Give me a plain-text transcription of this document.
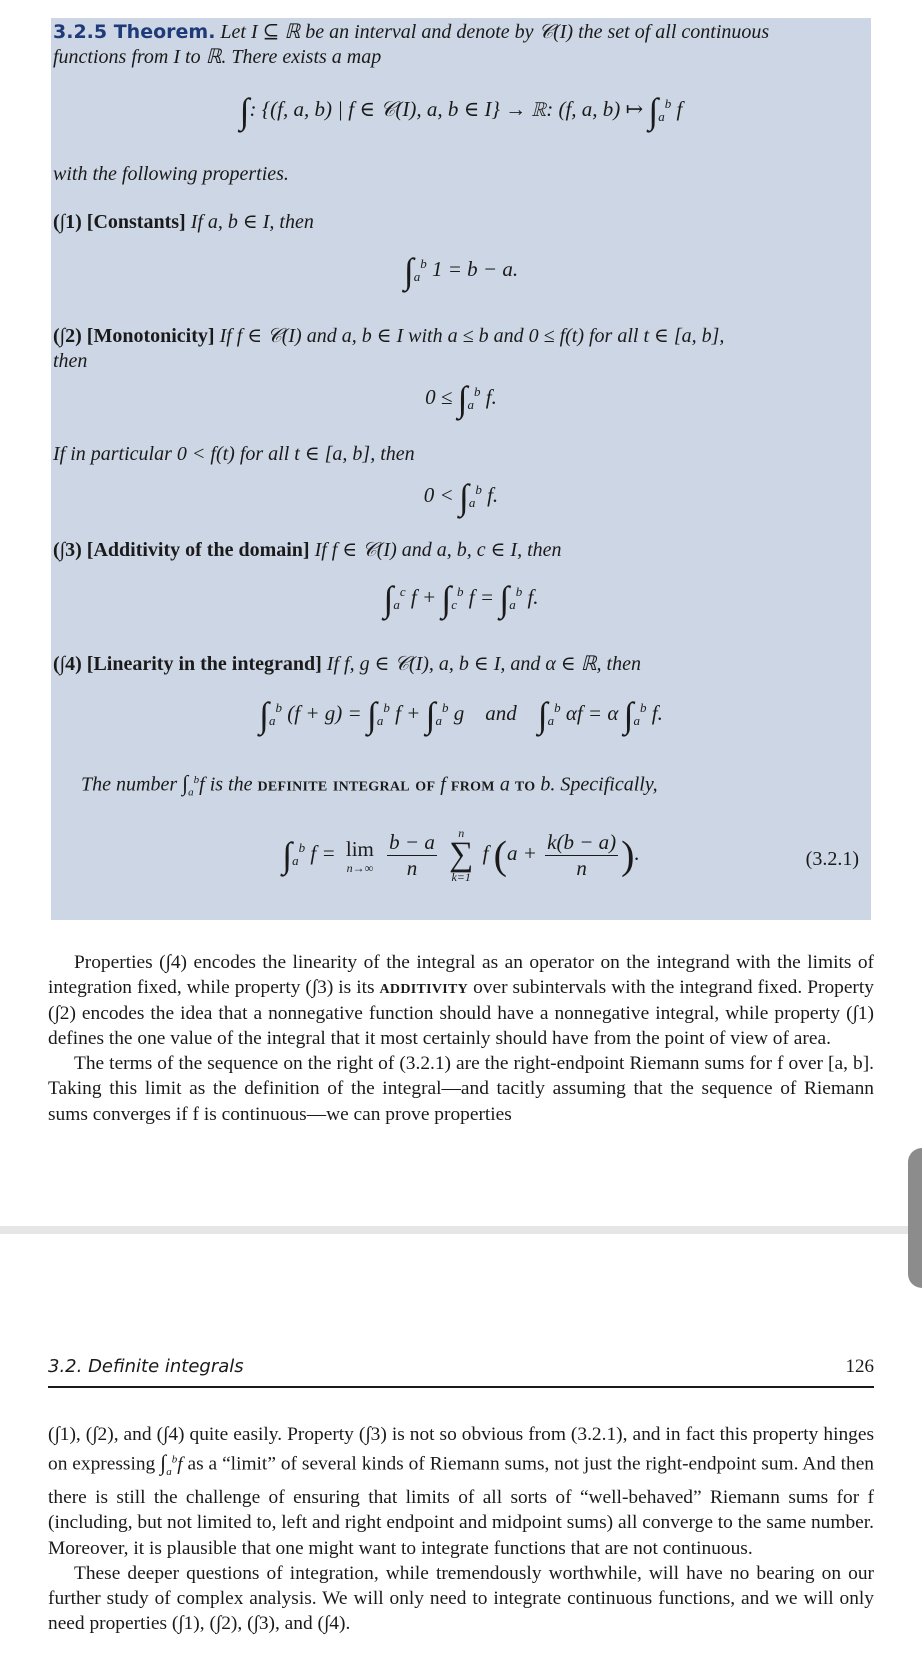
3.2.5 Theorem. Let I ⊆ ℝ be an interval and denote by 𝒞(I) the set of all continuous
functions from I to ℝ. There exists a map
∫: {(f, a, b) | f ∈ 𝒞(I), a, b ∈ I} → ℝ: (f, a, b) ↦ $\int_a^b$ f
with the following properties.
(∫1) [Constants] If a, b ∈ I, then
$\int_a^b$ 1 = b − a.
(∫2) [Monotonicity] If f ∈ 𝒞(I) and a, b ∈ I with a ≤ b and 0 ≤ f(t) for all t ∈ [a, b],
then
$0 \le \int_a^b$ f.
If in particular 0 < f(t) for all t ∈ [a, b], then
$0 < \int_a^b$ f.
(∫3) [Additivity of the domain] If f ∈ 𝒞(I) and a, b, c ∈ I, then
$\int_a^c$ $f + \int_c^b$ $f = \int_a^b$ f.
(∫4) [Linearity in the integrand] If f, g ∈ 𝒞(I), a, b ∈ I, and α ∈ ℝ, then
$\int_a^b$ $(f + g) = \int_a^b$ $f + \int_a^b$ g    and $\int_a^b$ αf = α $\int_a^b$ f.
The number $\int_a^bf$ is the definite integral of f from a to b. Specifically,
$\int_a^b$ f = lim
n→∞
$\frac{b - a}{n}$
	n
∑
k=1
f ($a + \frac{k(b - a)}{n}$ ).	(3.2.1)

Properties (∫4) encodes the linearity of the integral as an operator on the integrand with the limits of integration fixed, while property (∫3) is its additivity over subintervals with the integrand fixed. Property (∫2) encodes the idea that a nonnegative function should have a nonnegative integral, while property (∫1) defines the one value of the integral that it most certainly should have from the point of view of area.

The terms of the sequence on the right of (3.2.1) are the right-endpoint Riemann sums for f over [a, b]. Taking this limit as the definition of the integral—and tacitly assuming that the sequence of Riemann sums converges if f is continuous—we can prove properties

3.2. Definite integrals	126

(∫1), (∫2), and (∫4) quite easily. Property (∫3) is not so obvious from (3.2.1), and in fact this property hinges on expressing $\int_a^bf$ as a “limit” of several kinds of Riemann sums, not just the right-endpoint sum. And then there is still the challenge of ensuring that limits of all sorts of “well-behaved” Riemann sums for f (including, but not limited to, left and right endpoint and midpoint sums) all converge to the same number. Moreover, it is plausible that one might want to integrate functions that are not continuous.

These deeper questions of integration, while tremendously worthwhile, will have no bearing on our further study of complex analysis. We will only need to integrate continuous functions, and we will only need properties (∫1), (∫2), (∫3), and (∫4).
